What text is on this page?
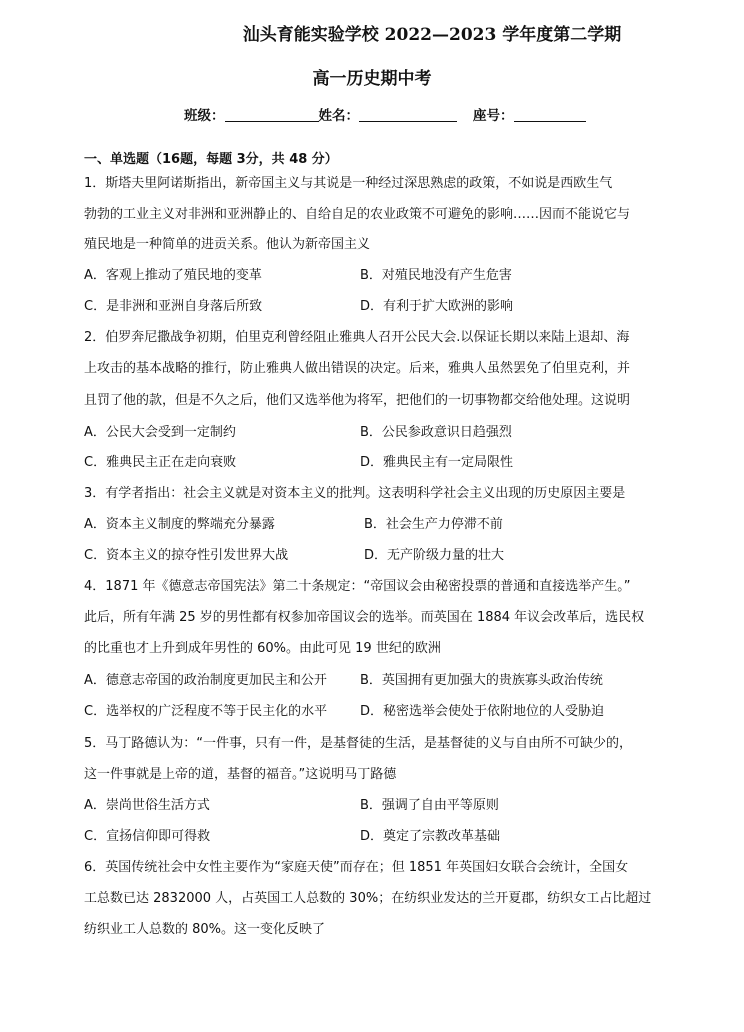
汕头育能实验学校 2022—2023 学年度第二学期
高一历史期中考
班级：	姓名：	座号：
一、单选题（16题，每题 3分，共 48 分）
1．斯塔夫里阿诺斯指出，新帝国主义与其说是一种经过深思熟虑的政策，不如说是西欧生气
勃勃的工业主义对非洲和亚洲静止的、自给自足的农业政策不可避免的影响……因而不能说它与
殖民地是一种简单的进贡关系。他认为新帝国主义
A．客观上推动了殖民地的变革	B．对殖民地没有产生危害
C．是非洲和亚洲自身落后所致	D．有利于扩大欧洲的影响
2．伯罗奔尼撒战争初期，伯里克利曾经阻止雅典人召开公民大会.以保证长期以来陆上退却、海
上攻击的基本战略的推行，防止雅典人做出错误的决定。后来，雅典人虽然罢免了伯里克利，并
且罚了他的款，但是不久之后，他们又选举他为将军，把他们的一切事物都交给他处理。这说明
A．公民大会受到一定制约	B．公民参政意识日趋强烈
C．雅典民主正在走向衰败	D．雅典民主有一定局限性
3．有学者指出：社会主义就是对资本主义的批判。这表明科学社会主义出现的历史原因主要是
A．资本主义制度的弊端充分暴露	B．社会生产力停滞不前
C．资本主义的掠夺性引发世界大战	D．无产阶级力量的壮大
4．1871 年《德意志帝国宪法》第二十条规定：“帝国议会由秘密投票的普通和直接选举产生。”
此后，所有年满 25 岁的男性都有权参加帝国议会的选举。而英国在 1884 年议会改革后，选民权
的比重也才上升到成年男性的 60%。由此可见 19 世纪的欧洲
A．德意志帝国的政治制度更加民主和公开	B．英国拥有更加强大的贵族寡头政治传统
C．选举权的广泛程度不等于民主化的水平	D．秘密选举会使处于依附地位的人受胁迫
5．马丁路德认为：“一件事，只有一件，是基督徒的生活，是基督徒的义与自由所不可缺少的，
这一件事就是上帝的道，基督的福音。”这说明马丁路德
A．崇尚世俗生活方式	B．强调了自由平等原则
C．宣扬信仰即可得救	D．奠定了宗教改革基础
6．英国传统社会中女性主要作为“家庭天使”而存在；但 1851 年英国妇女联合会统计，全国女
工总数已达 2832000 人，占英国工人总数的 30%；在纺织业发达的兰开夏郡，纺织女工占比超过
纺织业工人总数的 80%。这一变化反映了
